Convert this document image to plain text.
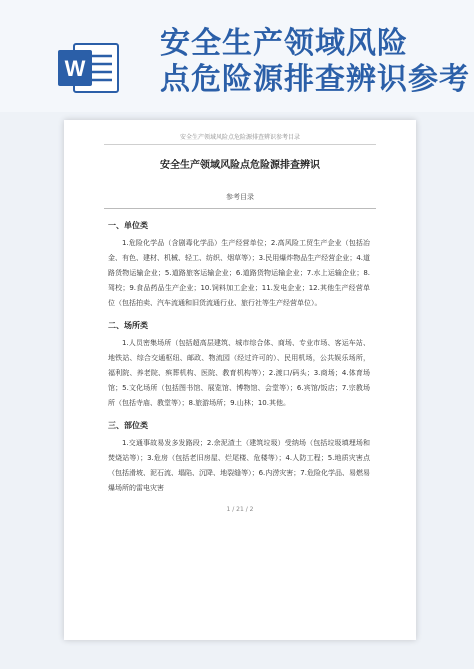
W
安全生产领域风险
点危险源排查辨识参考
安全生产领域风险点危险源排查辨识参考目录
安全生产领域风险点危险源排查辨识
参考目录
一、单位类
1.危险化学品（含剧毒化学品）生产经营单位；2.高风险工贸生产企业（包括冶金、有色、建材、机械、轻工、纺织、烟草等）；3.民用爆炸物品生产经营企业；4.道路货物运输企业；5.道路旅客运输企业；6.道路货物运输企业；7.水上运输企业；8.驾校；9.食品药品生产企业；10.饲料加工企业；11.发电企业；12.其他生产经营单位（包括拍卖、汽车流通和旧货流通行业、旅行社等生产经营单位）。
二、场所类
1.人员密集场所（包括超高层建筑、城市综合体、商场、专业市场、客运车站、地铁站、综合交通枢纽、邮政、物流园（经过许可的）、民用机场，公共娱乐场所，福利院、养老院、殡葬机构、医院、教育机构等）；2.渡口/码头；3.商场；4.体育场馆；5.文化场所（包括图书馆、展览馆、博物馆、会堂等）；6.宾馆/饭店；7.宗教场所（包括寺庙、教堂等）；8.旅游场所；9.山林；10.其他。
三、部位类
1.交通事故易发多发路段；2.余泥渣土（建筑垃圾）受纳场（包括垃圾填埋场和焚烧站等）；3.危房（包括老旧房屋、烂尾楼、危楼等）；4.人防工程；5.地质灾害点（包括滑坡、泥石流、塌陷、沉降、地裂缝等）；6.内涝灾害；7.危险化学品、易燃易爆场所的雷电灾害
1 / 21 / 2
